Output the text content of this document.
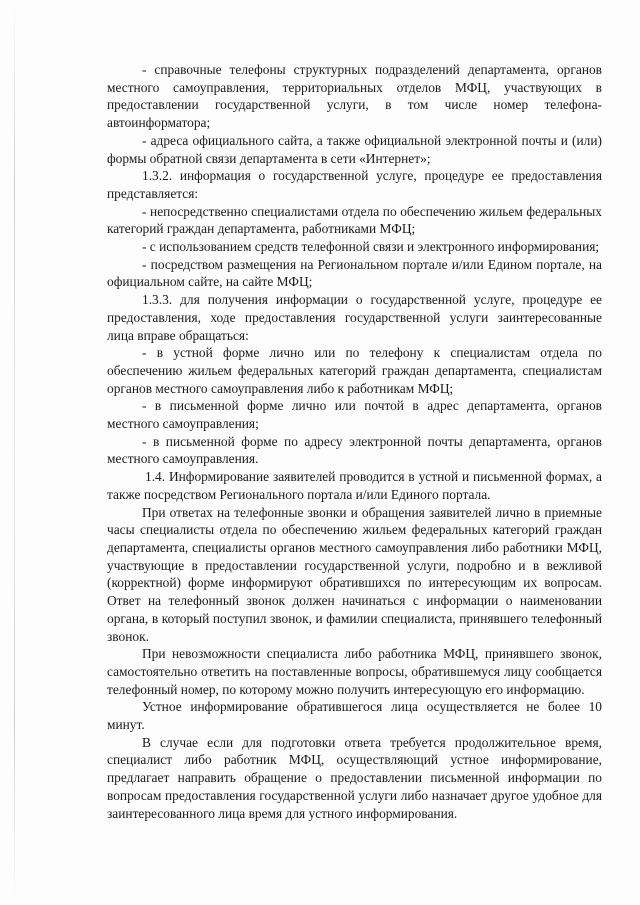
- справочные телефоны структурных подразделений департамента, органов местного самоуправления, территориальных отделов МФЦ, участвующих в предоставлении государственной услуги, в том числе номер телефона-автоинформатора;

- адреса официального сайта, а также официальной электронной почты и (или) формы обратной связи департамента в сети «Интернет»;

1.3.2. информация о государственной услуге, процедуре ее предоставления представляется:

- непосредственно специалистами отдела по обеспечению жильем федеральных категорий граждан департамента, работниками МФЦ;

- с использованием средств телефонной связи и электронного информирования;

- посредством размещения на Региональном портале и/или Едином портале, на официальном сайте, на сайте МФЦ;

1.3.3. для получения информации о государственной услуге, процедуре ее предоставления, ходе предоставления государственной услуги заинтересованные лица вправе обращаться:

- в устной форме лично или по телефону к специалистам отдела по обеспечению жильем федеральных категорий граждан департамента, специалистам органов местного самоуправления либо к работникам МФЦ;

- в письменной форме лично или почтой в адрес департамента, органов местного самоуправления;

- в письменной форме по адресу электронной почты департамента, органов местного самоуправления.

1.4. Информирование заявителей проводится в устной и письменной формах, а также посредством Регионального портала и/или Единого портала.

При ответах на телефонные звонки и обращения заявителей лично в приемные часы специалисты отдела по обеспечению жильем федеральных категорий граждан департамента, специалисты органов местного самоуправления либо работники МФЦ, участвующие в предоставлении государственной услуги, подробно и в вежливой (корректной) форме информируют обратившихся по интересующим их вопросам. Ответ на телефонный звонок должен начинаться с информации о наименовании органа, в который поступил звонок, и фамилии специалиста, принявшего телефонный звонок.

При невозможности специалиста либо работника МФЦ, принявшего звонок, самостоятельно ответить на поставленные вопросы, обратившемуся лицу сообщается телефонный номер, по которому можно получить интересующую его информацию.

Устное информирование обратившегося лица осуществляется не более 10 минут.

В случае если для подготовки ответа требуется продолжительное время, специалист либо работник МФЦ, осуществляющий устное информирование, предлагает направить обращение о предоставлении письменной информации по вопросам предоставления государственной услуги либо назначает другое удобное для заинтересованного лица время для устного информирования.
